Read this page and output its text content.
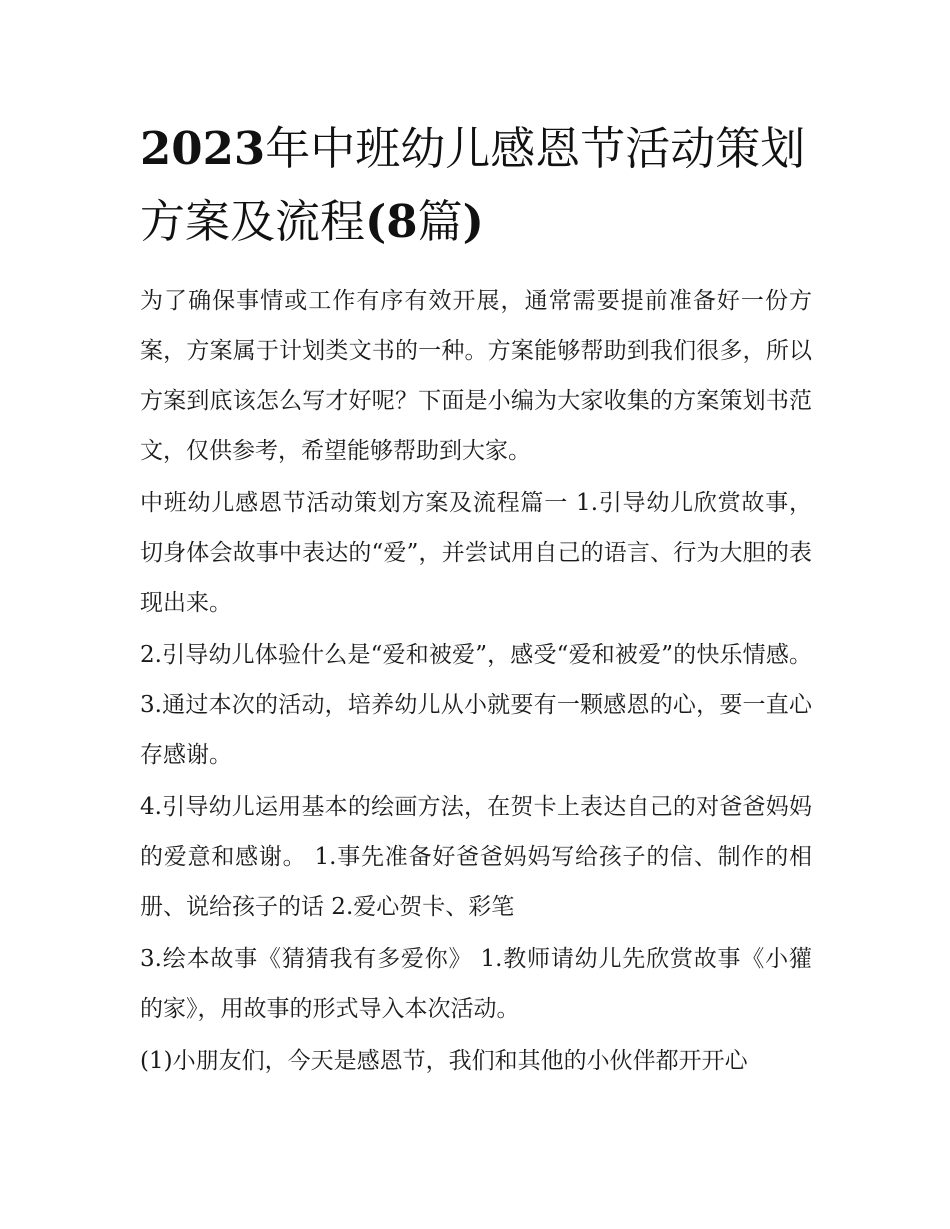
2023年中班幼儿感恩节活动策划方案及流程(8篇)

为了确保事情或工作有序有效开展，通常需要提前准备好一份方案，方案属于计划类文书的一种。方案能够帮助到我们很多，所以方案到底该怎么写才好呢？下面是小编为大家收集的方案策划书范文，仅供参考，希望能够帮助到大家。

中班幼儿感恩节活动策划方案及流程篇一 1.引导幼儿欣赏故事，切身体会故事中表达的“爱”，并尝试用自己的语言、行为大胆的表现出来。

2.引导幼儿体验什么是“爱和被爱”，感受“爱和被爱”的快乐情感。 3.通过本次的活动，培养幼儿从小就要有一颗感恩的心，要一直心存感谢。

4.引导幼儿运用基本的绘画方法，在贺卡上表达自己的对爸爸妈妈的爱意和感谢。 1.事先准备好爸爸妈妈写给孩子的信、制作的相册、说给孩子的话 2.爱心贺卡、彩笔

3.绘本故事《猜猜我有多爱你》 1.教师请幼儿先欣赏故事《小獾的家》，用故事的形式导入本次活动。

(1)小朋友们，今天是感恩节，我们和其他的小伙伴都开开心
